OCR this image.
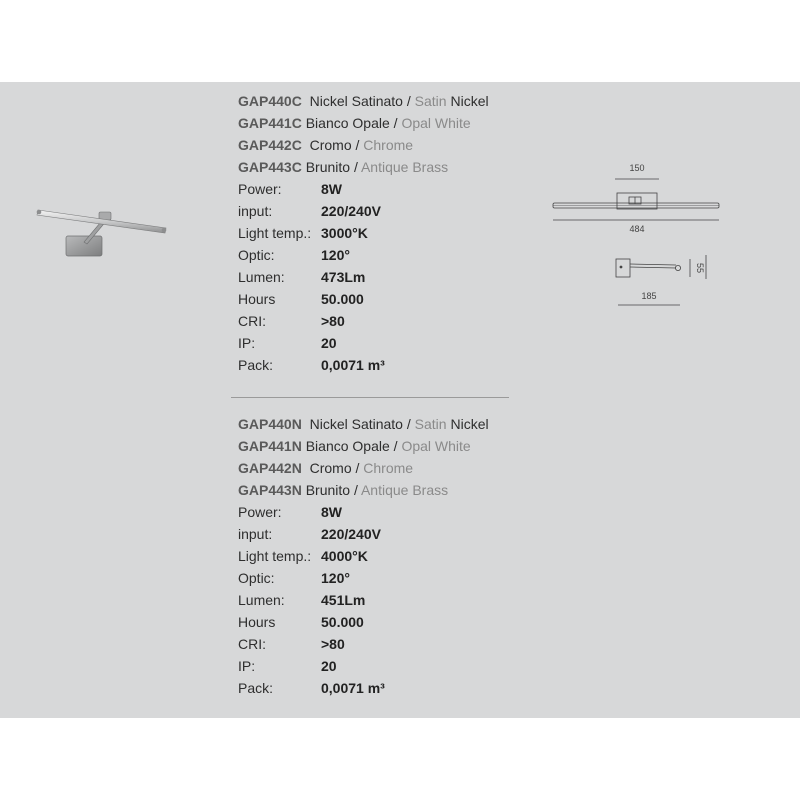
GAP440C Nickel Satinato / Satin Nickel
GAP441C Bianco Opale / Opal White
GAP442C Cromo / Chrome
GAP443C Brunito / Antique Brass
Power:	8W
input:	220/240V
Light temp.: 3000°K
Optic:	120°
Lumen:	473Lm
Hours	50.000
CRI:	>80
IP:	20
Pack:	0,0071 m³
GAP440N Nickel Satinato / Satin Nickel
GAP441N Bianco Opale / Opal White
GAP442N Cromo / Chrome
GAP443N Brunito / Antique Brass
Power:	8W
input:	220/240V
Light temp.: 4000°K
Optic:	120°
Lumen:	451Lm
Hours	50.000
CRI:	>80
IP:	20
Pack:	0,0071 m³
150
484
55
185
